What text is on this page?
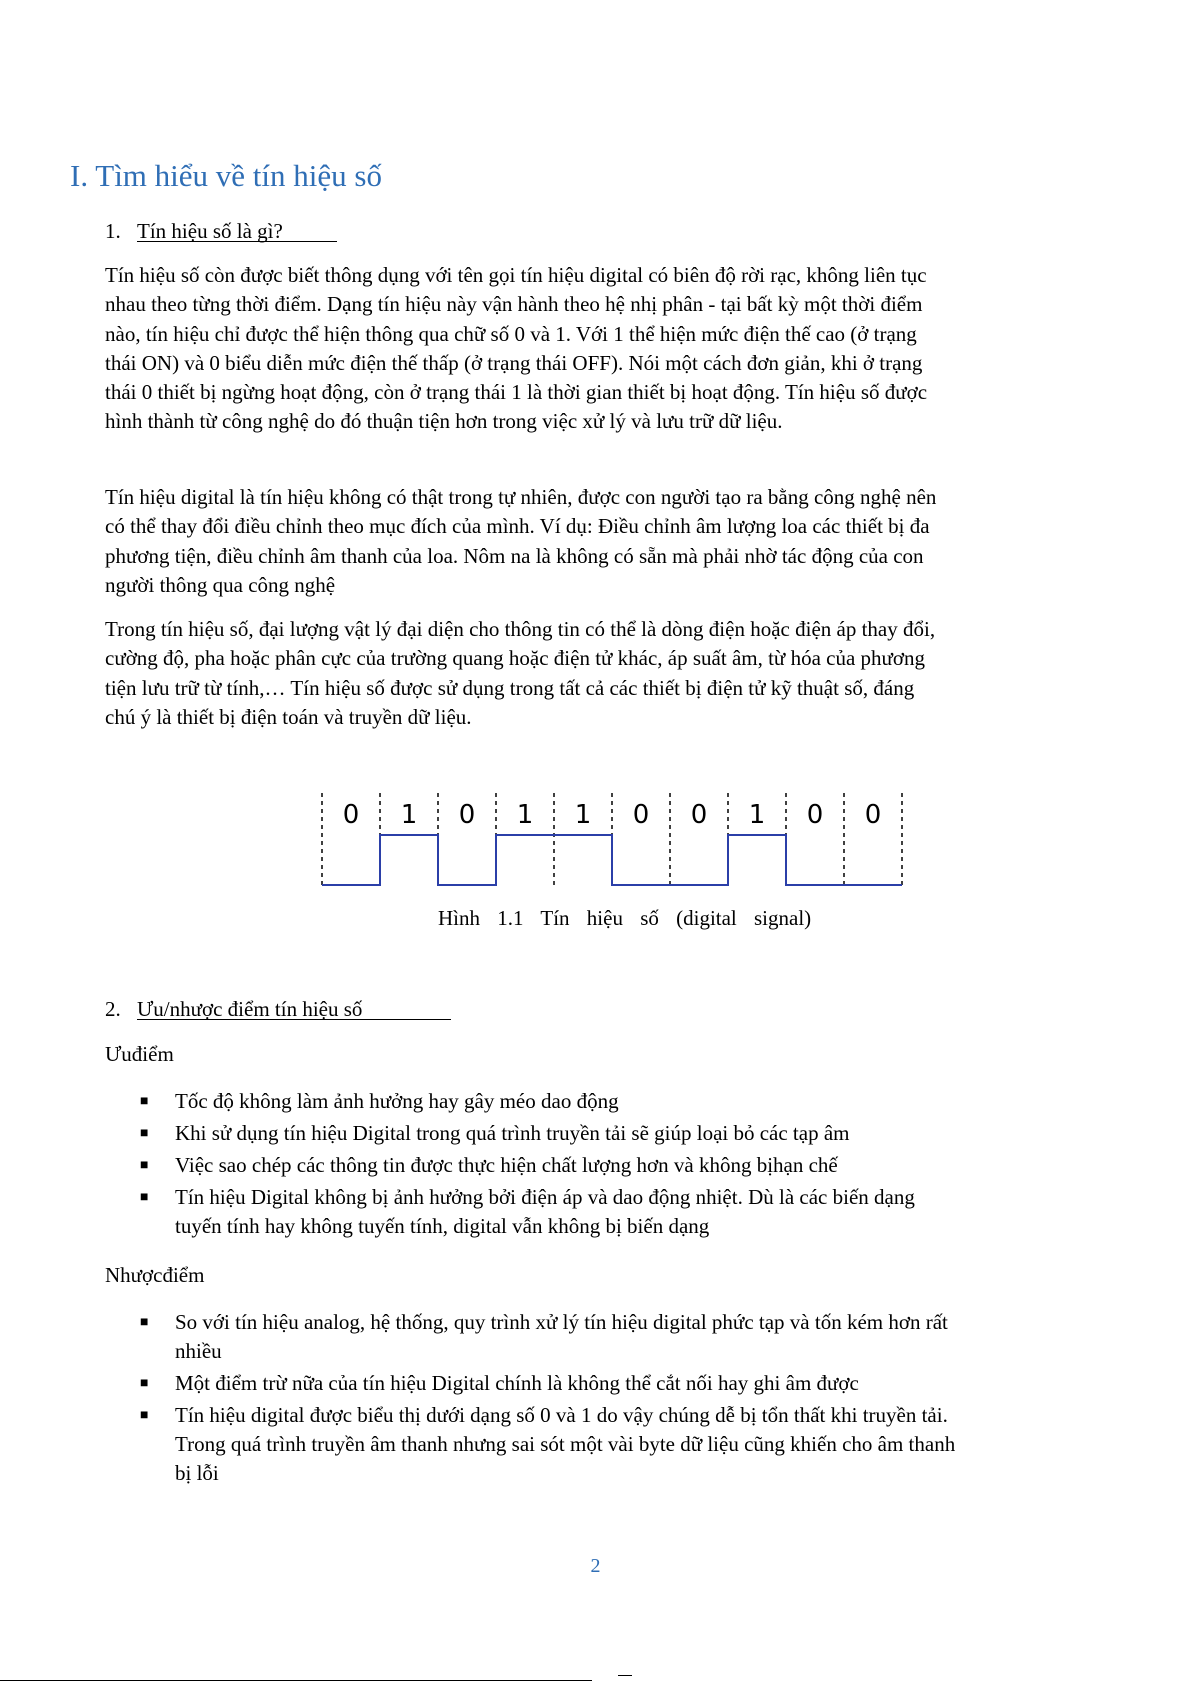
I. Tìm hiểu về tín hiệu số
1. Tín hiệu số là gì?

Tín hiệu số còn được biết thông dụng với tên gọi tín hiệu digital có biên độ rời rạc, không liên tục nhau theo từng thời điểm. Dạng tín hiệu này vận hành theo hệ nhị phân - tại bất kỳ một thời điểm nào, tín hiệu chỉ được thể hiện thông qua chữ số 0 và 1. Với 1 thể hiện mức điện thế cao (ở trạng thái ON) và 0 biểu diễn mức điện thế thấp (ở trạng thái OFF). Nói một cách đơn giản, khi ở trạng thái 0 thiết bị ngừng hoạt động, còn ở trạng thái 1 là thời gian thiết bị hoạt động. Tín hiệu số được hình thành từ công nghệ do đó thuận tiện hơn trong việc xử lý và lưu trữ dữ liệu.

Tín hiệu digital là tín hiệu không có thật trong tự nhiên, được con người tạo ra bằng công nghệ nên có thể thay đổi điều chỉnh theo mục đích của mình. Ví dụ: Điều chỉnh âm lượng loa các thiết bị đa phương tiện, điều chỉnh âm thanh của loa. Nôm na là không có sẵn mà phải nhờ tác động của con người thông qua công nghệ

Trong tín hiệu số, đại lượng vật lý đại diện cho thông tin có thể là dòng điện hoặc điện áp thay đổi, cường độ, pha hoặc phân cực của trường quang hoặc điện tử khác, áp suất âm, từ hóa của phương tiện lưu trữ từ tính,… Tín hiệu số được sử dụng trong tất cả các thiết bị điện tử kỹ thuật số, đáng chú ý là thiết bị điện toán và truyền dữ liệu.

0 1 0 1 1 0 0 1 0 0
Hình 1.1 Tín hiệu số (digital signal)
2. Ưu/nhược điểm tín hiệu số
Ưuđiểm
■ Tốc độ không làm ảnh hưởng hay gây méo dao động
■ Khi sử dụng tín hiệu Digital trong quá trình truyền tải sẽ giúp loại bỏ các tạp âm
■ Việc sao chép các thông tin được thực hiện chất lượng hơn và không bịhạn chế
■ Tín hiệu Digital không bị ảnh hưởng bởi điện áp và dao động nhiệt. Dù là các biến dạng tuyến tính hay không tuyến tính, digital vẫn không bị biến dạng
Nhượcđiểm
■ So với tín hiệu analog, hệ thống, quy trình xử lý tín hiệu digital phức tạp và tốn kém hơn rất nhiều
■ Một điểm trừ nữa của tín hiệu Digital chính là không thể cắt nối hay ghi âm được
■ Tín hiệu digital được biểu thị dưới dạng số 0 và 1 do vậy chúng dễ bị tổn thất khi truyền tải. Trong quá trình truyền âm thanh nhưng sai sót một vài byte dữ liệu cũng khiến cho âm thanh bị lỗi
2
